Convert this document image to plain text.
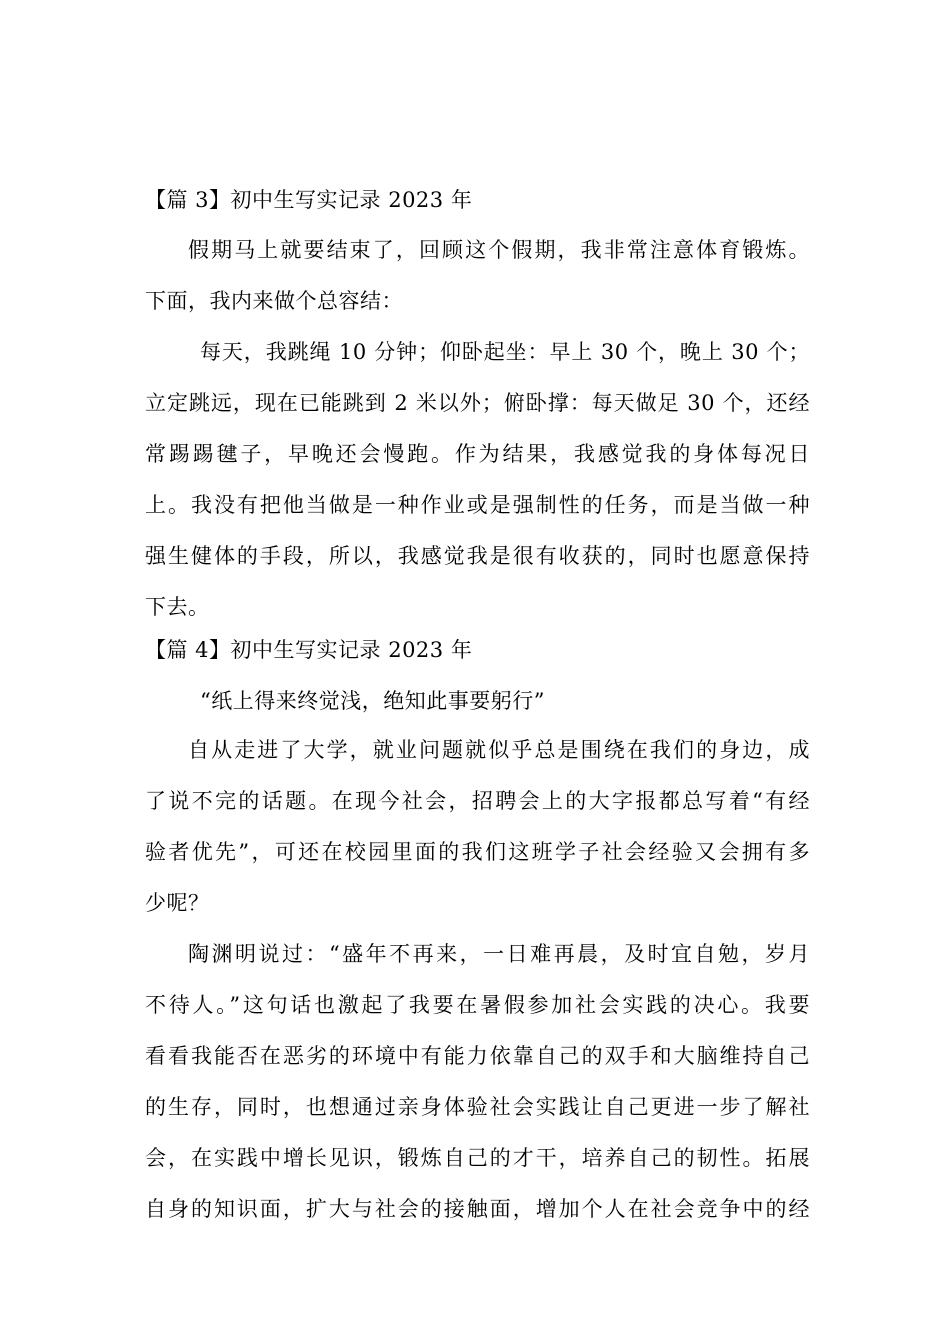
【篇 3】初中生写实记录 2023 年
假期马上就要结束了，回顾这个假期，我非常注意体育锻炼。
下面，我内来做个总容结：
每天，我跳绳 10 分钟；仰卧起坐：早上 30 个，晚上 30 个；
立定跳远，现在已能跳到 2 米以外；俯卧撑：每天做足 30 个，还经
常踢踢毽子，早晚还会慢跑。作为结果，我感觉我的身体每况日
上。我没有把他当做是一种作业或是强制性的任务，而是当做一种
强生健体的手段，所以，我感觉我是很有收获的，同时也愿意保持
下去。
【篇 4】初中生写实记录 2023 年
“纸上得来终觉浅，绝知此事要躬行”
自从走进了大学，就业问题就似乎总是围绕在我们的身边，成
了说不完的话题。在现今社会，招聘会上的大字报都总写着“有经
验者优先”，可还在校园里面的我们这班学子社会经验又会拥有多
少呢？
陶渊明说过：“盛年不再来，一日难再晨，及时宜自勉，岁月
不待人。”这句话也激起了我要在暑假参加社会实践的决心。我要
看看我能否在恶劣的环境中有能力依靠自己的双手和大脑维持自己
的生存，同时，也想通过亲身体验社会实践让自己更进一步了解社
会，在实践中增长见识，锻炼自己的才干，培养自己的韧性。拓展
自身的知识面，扩大与社会的接触面，增加个人在社会竞争中的经
